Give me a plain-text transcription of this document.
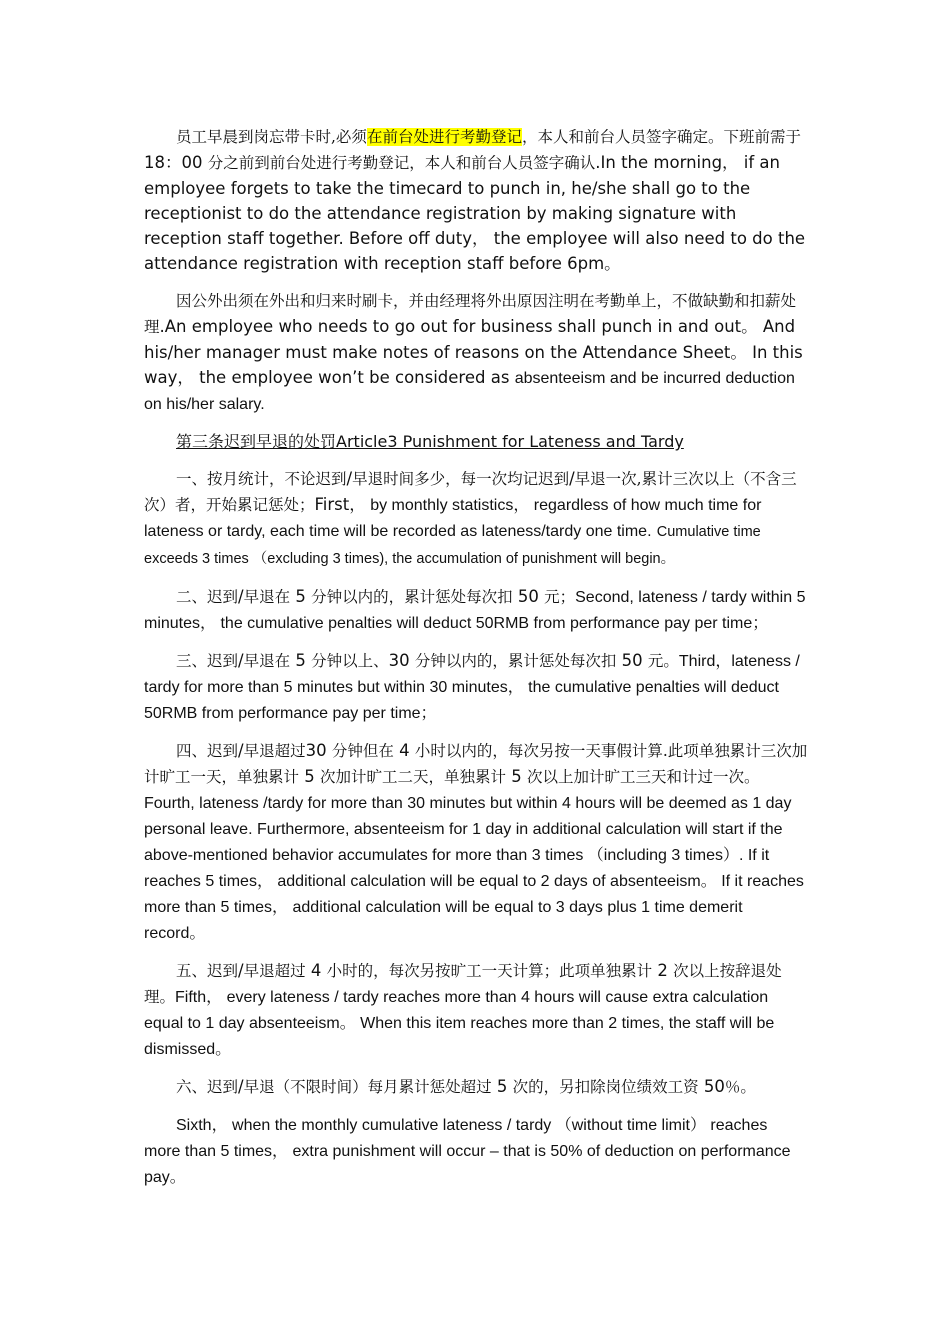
员工早晨到岗忘带卡时,必须在前台处进行考勤登记，本人和前台人员签字确定。下班前需于 18：00 分之前到前台处进行考勤登记，本人和前台人员签字确认.In the morning， if an employee forgets to take the timecard to punch in, he/she shall go to the receptionist to do the attendance registration by making signature with reception staff together. Before off duty， the employee will also need to do the attendance registration with reception staff before 6pm。

因公外出须在外出和归来时刷卡，并由经理将外出原因注明在考勤单上，不做缺勤和扣薪处理.An employee who needs to go out for business shall punch in and out。 And his/her manager must make notes of reasons on the Attendance Sheet。 In this way， the employee won’t be considered as absenteeism and be incurred deduction on his/her salary.

第三条迟到早退的处罚Article3 Punishment for Lateness and Tardy

一、按月统计，不论迟到/早退时间多少，每一次均记迟到/早退一次,累计三次以上（不含三次）者，开始累记惩处；First， by monthly statistics， regardless of how much time for lateness or tardy, each time will be recorded as lateness/tardy one time. Cumulative time exceeds 3 times （excluding 3 times), the accumulation of punishment will begin。

二、迟到/早退在 5 分钟以内的，累计惩处每次扣 50 元；Second, lateness / tardy within 5 minutes， the cumulative penalties will deduct 50RMB from performance pay per time；

三、迟到/早退在 5 分钟以上、30 分钟以内的，累计惩处每次扣 50 元。Third，lateness / tardy for more than 5 minutes but within 30 minutes， the cumulative penalties will deduct 50RMB from performance pay per time；

四、迟到/早退超过30 分钟但在 4 小时以内的，每次另按一天事假计算.此项单独累计三次加计旷工一天，单独累计 5 次加计旷工二天，单独累计 5 次以上加计旷工三天和计过一次。Fourth, lateness /tardy for more than 30 minutes but within 4 hours will be deemed as 1 day personal leave. Furthermore, absenteeism for 1 day in additional calculation will start if the above-mentioned behavior accumulates for more than 3 times （including 3 times）. If it reaches 5 times， additional calculation will be equal to 2 days of absenteeism。 If it reaches more than 5 times， additional calculation will be equal to 3 days plus 1 time demerit record。

五、迟到/早退超过 4 小时的，每次另按旷工一天计算；此项单独累计 2 次以上按辞退处理。Fifth， every lateness / tardy reaches more than 4 hours will cause extra calculation equal to 1 day absenteeism。 When this item reaches more than 2 times, the staff will be dismissed。

六、迟到/早退（不限时间）每月累计惩处超过 5 次的，另扣除岗位绩效工资 50％。

Sixth， when the monthly cumulative lateness / tardy （without time limit） reaches more than 5 times， extra punishment will occur – that is 50% of deduction on performance pay。
